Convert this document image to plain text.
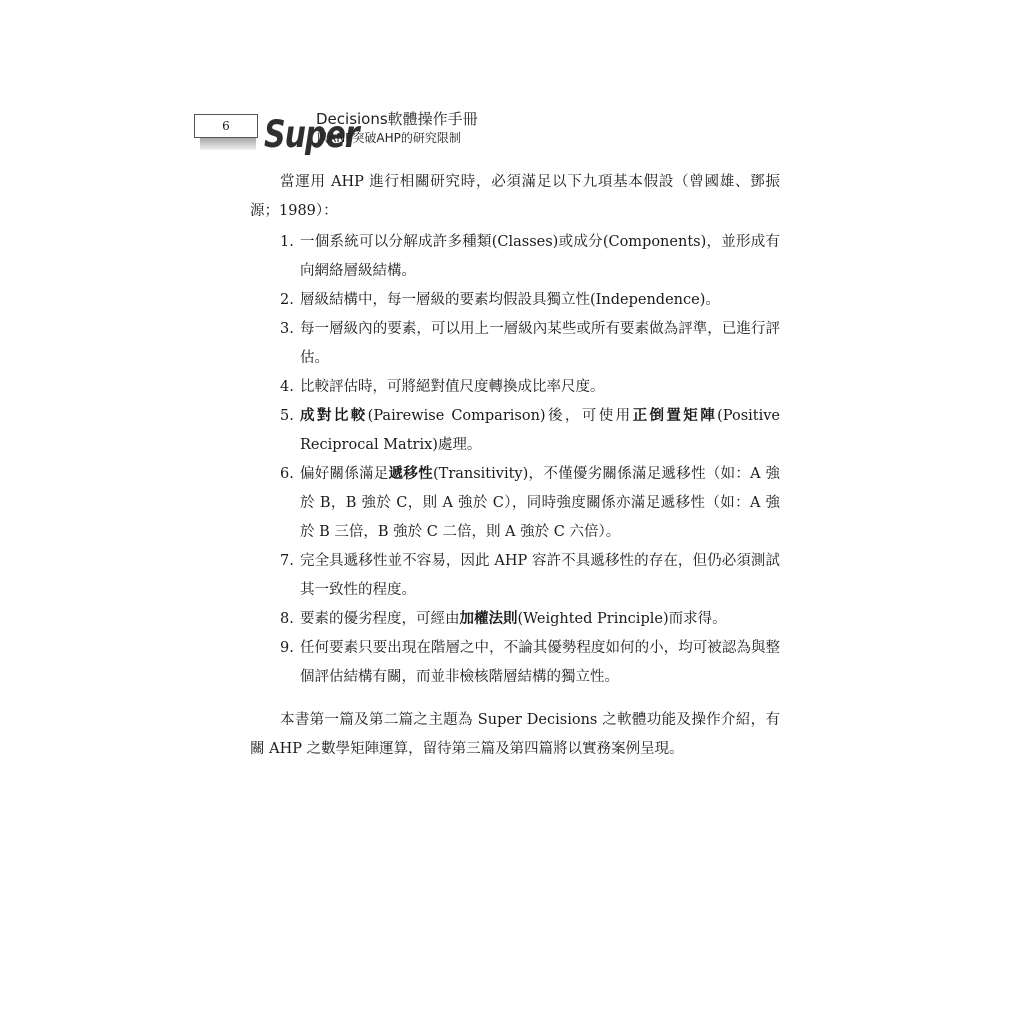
6	Super
Decisions軟體操作手冊
以ANP突破AHP的研究限制

當運用 AHP 進行相關研究時，必須滿足以下九項基本假設（曾國雄、鄧振源；1989）：

1. 一個系統可以分解成許多種類(Classes)或成分(Components)，並形成有向網絡層級結構。
2. 層級結構中，每一層級的要素均假設具獨立性(Independence)。
3. 每一層級內的要素，可以用上一層級內某些或所有要素做為評準，已進行評估。
4. 比較評估時，可將絕對值尺度轉換成比率尺度。
5. 成對比較(Pairewise Comparison)後，可使用正倒置矩陣(Positive Reciprocal Matrix)處理。
6. 偏好關係滿足遞移性(Transitivity)，不僅優劣關係滿足遞移性（如：A 強於 B，B 強於 C，則 A 強於 C），同時強度關係亦滿足遞移性（如：A 強於 B 三倍，B 強於 C 二倍，則 A 強於 C 六倍）。
7. 完全具遞移性並不容易，因此 AHP 容許不具遞移性的存在，但仍必須測試其一致性的程度。
8. 要素的優劣程度，可經由加權法則(Weighted Principle)而求得。
9. 任何要素只要出現在階層之中，不論其優勢程度如何的小，均可被認為與整個評估結構有關，而並非檢核階層結構的獨立性。

本書第一篇及第二篇之主題為 Super Decisions 之軟體功能及操作介紹，有關 AHP 之數學矩陣運算，留待第三篇及第四篇將以實務案例呈現。
